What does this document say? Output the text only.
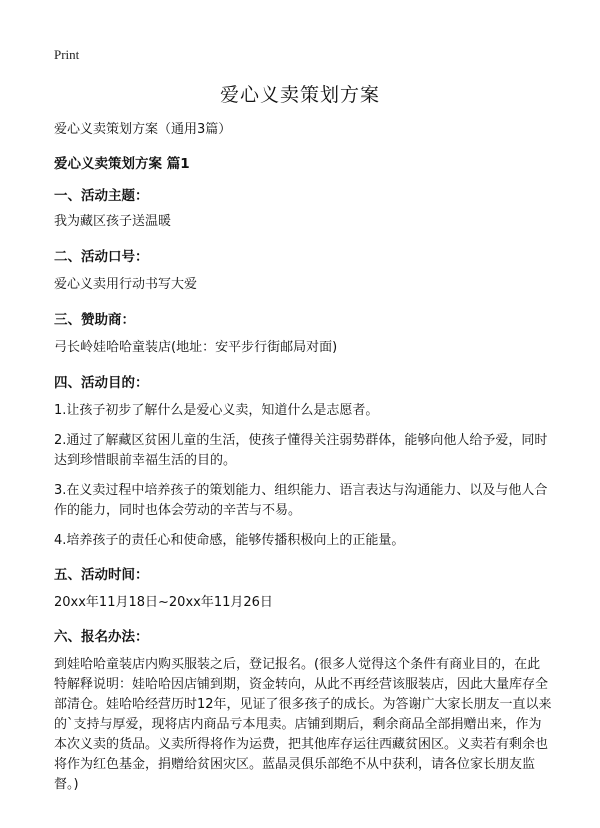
Print
爱心义卖策划方案

爱心义卖策划方案（通用3篇）

爱心义卖策划方案 篇1

一、活动主题：

我为藏区孩子送温暖

二、活动口号：

爱心义卖用行动书写大爱

三、赞助商：

弓长岭娃哈哈童装店(地址：安平步行街邮局对面)

四、活动目的：

1.让孩子初步了解什么是爱心义卖，知道什么是志愿者。

2.通过了解藏区贫困儿童的生活，使孩子懂得关注弱势群体，能够向他人给予爱，同时达到珍惜眼前幸福生活的目的。

3.在义卖过程中培养孩子的策划能力、组织能力、语言表达与沟通能力、以及与他人合作的能力，同时也体会劳动的辛苦与不易。

4.培养孩子的责任心和使命感，能够传播积极向上的正能量。

五、活动时间：

20xx年11月18日~20xx年11月26日

六、报名办法：

到娃哈哈童装店内购买服装之后，登记报名。(很多人觉得这个条件有商业目的，在此特解释说明：娃哈哈因店铺到期，资金转向，从此不再经营该服装店，因此大量库存全部清仓。娃哈哈经营历时12年，见证了很多孩子的成长。为答谢广大家长朋友一直以来的`支持与厚爱，现将店内商品亏本甩卖。店铺到期后，剩余商品全部捐赠出来，作为本次义卖的货品。义卖所得将作为运费，把其他库存运往西藏贫困区。义卖若有剩余也将作为红色基金，捐赠给贫困灾区。蓝晶灵俱乐部绝不从中获利，请各位家长朋友监督。)
